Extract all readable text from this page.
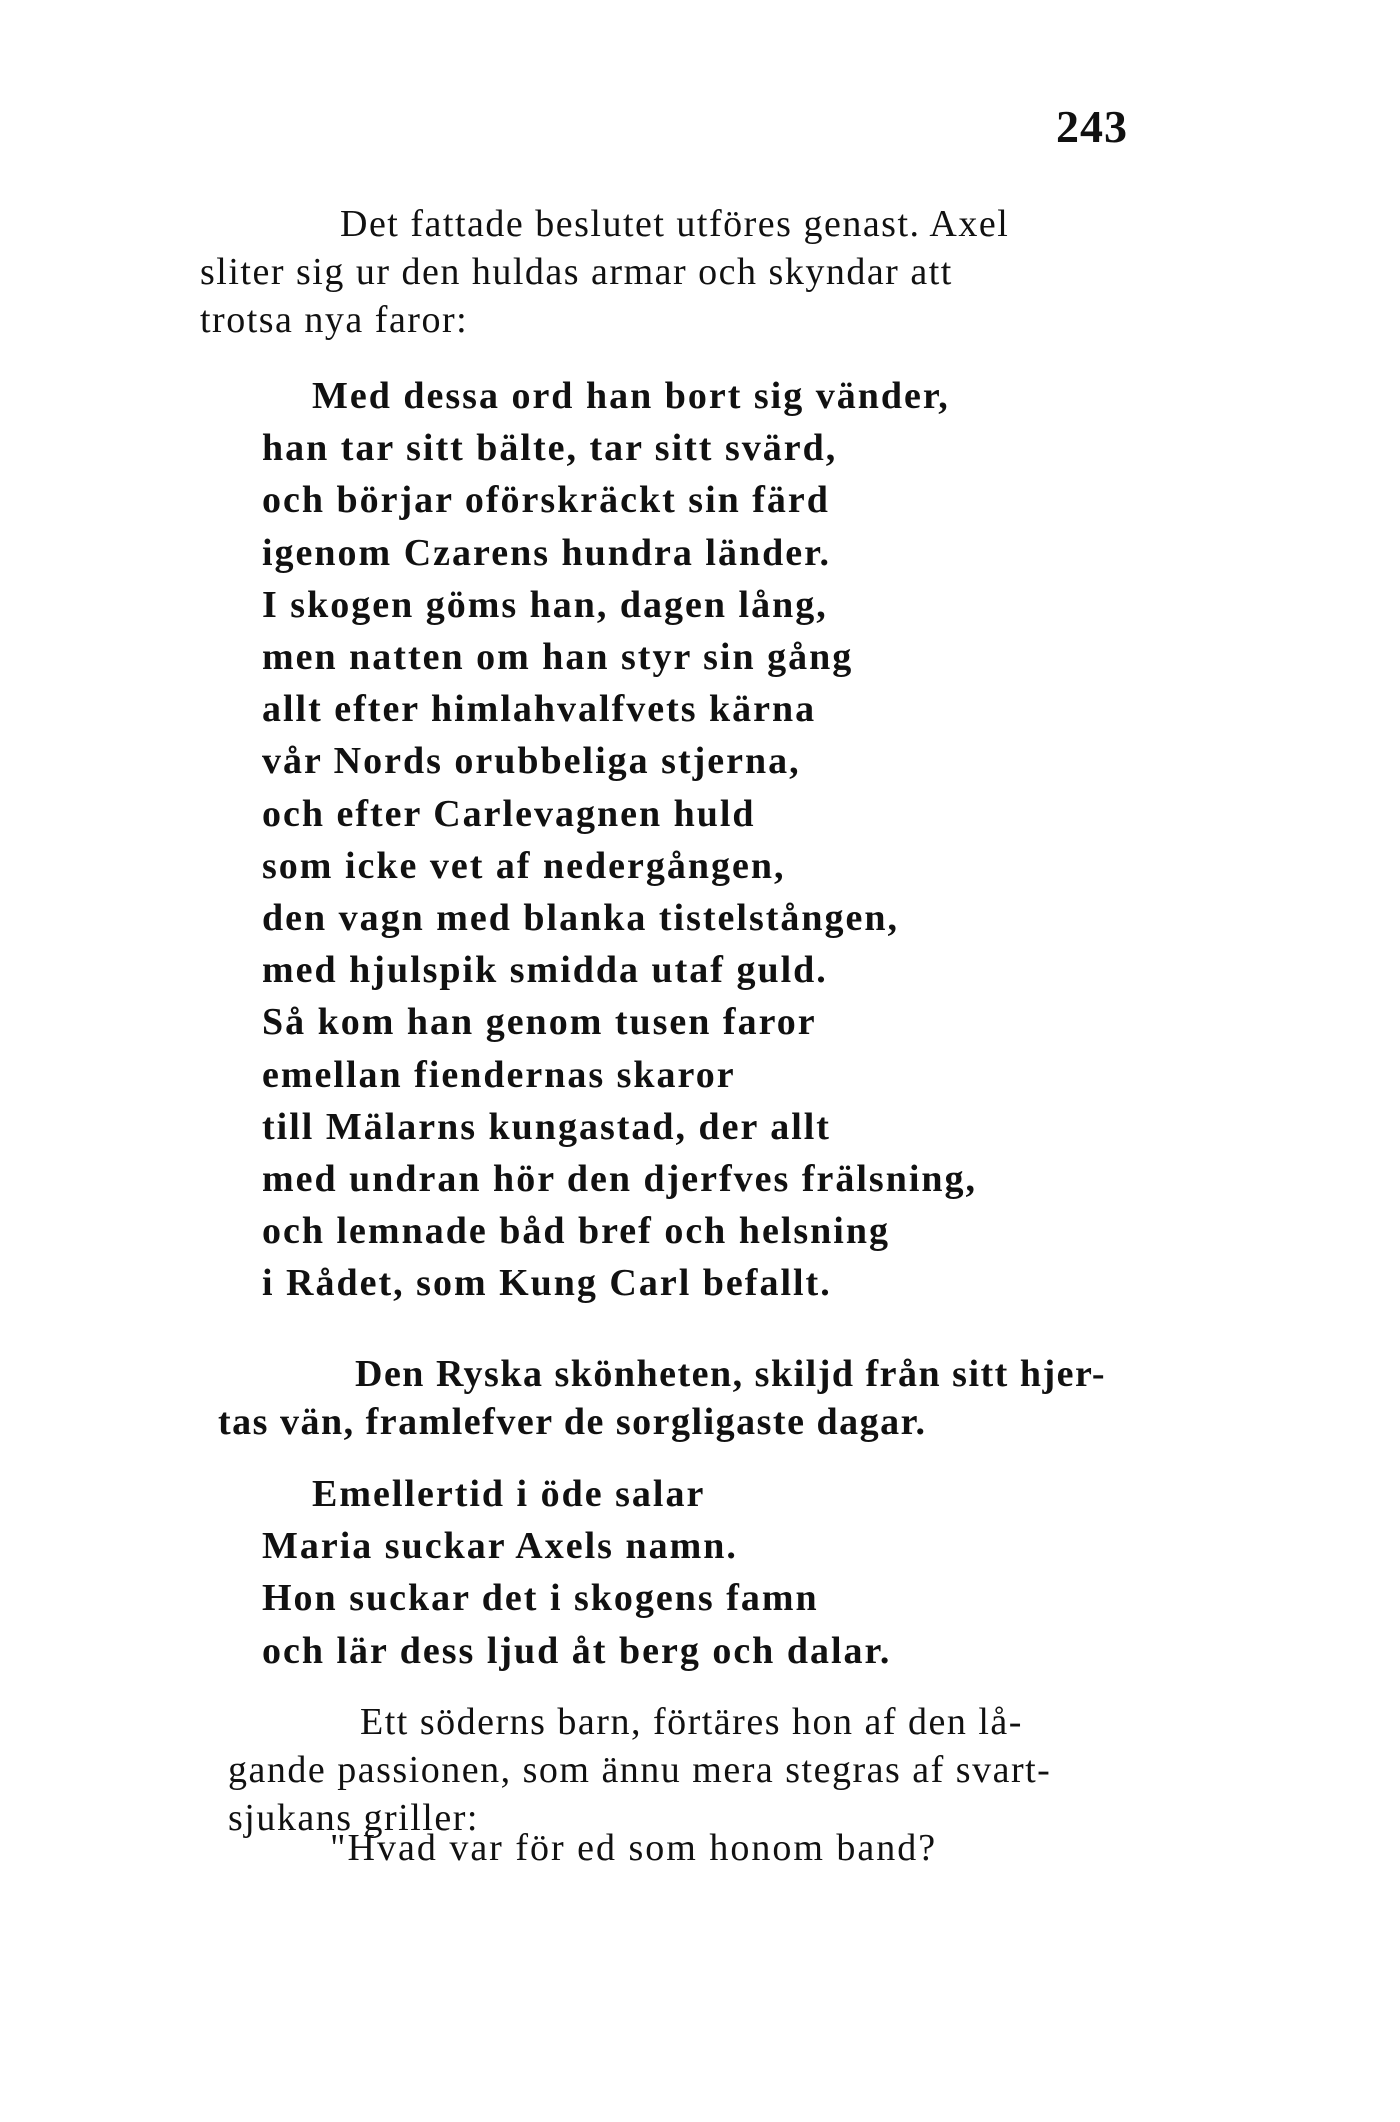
243
Det fattade beslutet utföres genast. Axel
sliter sig ur den huldas armar och skyndar att
trotsa nya faror:
Med dessa ord han bort sig vänder,
han tar sitt bälte, tar sitt svärd,
och börjar oförskräckt sin färd
igenom Czarens hundra länder.
I skogen göms han, dagen lång,
men natten om han styr sin gång
allt efter himlahvalfvets kärna
vår Nords orubbeliga stjerna,
och efter Carlevagnen huld
som icke vet af nedergången,
den vagn med blanka tistelstången,
med hjulspik smidda utaf guld.
Så kom han genom tusen faror
emellan fiendernas skaror
till Mälarns kungastad, der allt
med undran hör den djerfves frälsning,
och lemnade båd bref och helsning
i Rådet, som Kung Carl befallt.
Den Ryska skönheten, skiljd från sitt hjer-
tas vän, framlefver de sorgligaste dagar.
Emellertid i öde salar
Maria suckar Axels namn.
Hon suckar det i skogens famn
och lär dess ljud åt berg och dalar.
Ett söderns barn, förtäres hon af den lå-
gande passionen, som ännu mera stegras af svart-
sjukans griller:
"Hvad var för ed som honom band?
